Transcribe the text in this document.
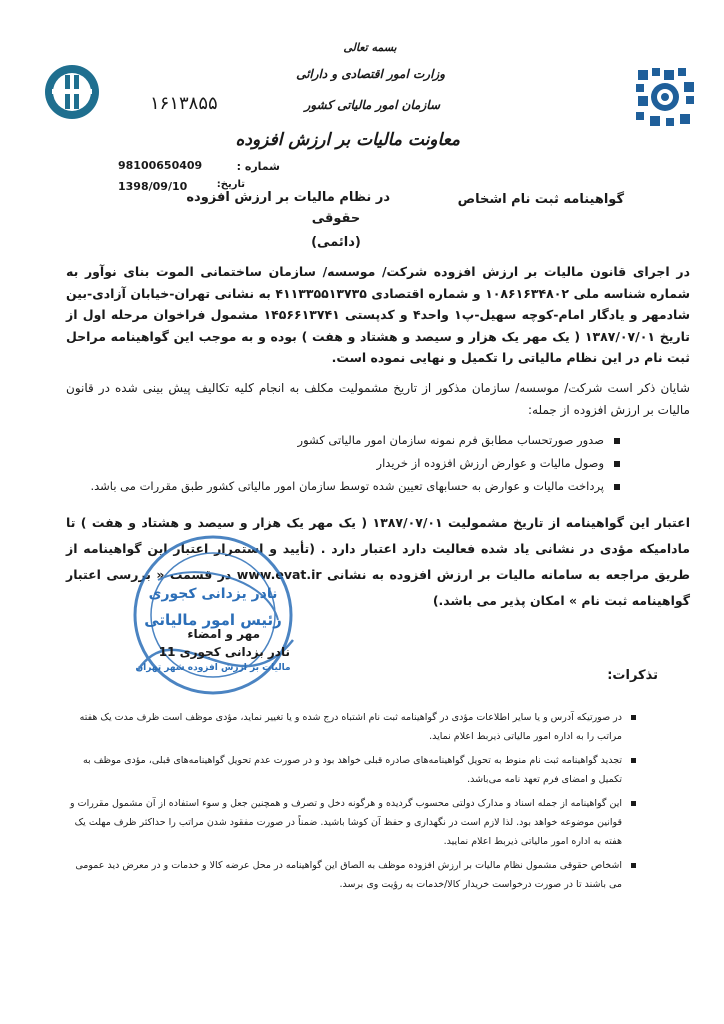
بسمه تعالی
وزارت امور اقتصادی و دارائی
سازمان امور مالیاتی کشور
معاونت مالیات بر ارزش افزوده
۱۶۱۳۸۵۵
98100650409	شماره :
1398/09/10	تاریخ:
گواهینامه ثبت نام اشخاص
در نظام مالیات بر ارزش افزوده
حقوقی
(دائمی)
در اجرای قانون مالیات بر ارزش افزوده شرکت/ موسسه/ سازمان ساختمانی الموت بنای نوآور به شماره شناسه ملی ۱۰۸۶۱۶۳۴۸۰۲ و شماره اقتصادی ۴۱۱۳۳۵۵۱۳۷۳۵ به نشانی تهران-خیابان آزادی-بین شادمهر و یادگار امام-کوچه سهیل-پ۱ واحد۴ و کدپستی ۱۴۵۶۶۱۳۷۴۱ مشمول فراخوان مرحله اول از تاریخ ۱۳۸۷/۰۷/۰۱ ( یک مهر یک هزار و سیصد و هشتاد و هفت ) بوده و به موجب این گواهینامه مراحل ثبت نام در این نظام مالیاتی را تکمیل و نهایی نموده است.
شایان ذکر است شرکت/ موسسه/ سازمان مذکور از تاریخ مشمولیت مکلف به انجام کلیه تکالیف پیش بینی شده در قانون مالیات بر ارزش افزوده از جمله:
صدور صورتحساب مطابق فرم نمونه سازمان امور مالیاتی کشور
وصول مالیات و عوارض ارزش افزوده از خریدار
پرداخت مالیات و عوارض به حسابهای تعیین شده توسط سازمان امور مالیاتی کشور طبق مقررات می باشد.
اعتبار این گواهینامه از تاریخ مشمولیت ۱۳۸۷/۰۷/۰۱ ( یک مهر یک هزار و سیصد و هشتاد و هفت ) تا مادامیکه مؤدی در نشانی یاد شده فعالیت دارد اعتبار دارد . (تأیید و استمرار اعتبار این گواهینامه از طریق مراجعه به سامانه مالیات بر ارزش افزوده به نشانی www.evat.ir در قسمت « بررسی اعتبار گواهینامه ثبت نام » امکان پذیر می باشد.)
نادر یزدانی کجوری
رئیس امور مالیاتی
مالیات بر ارزش افزوده شهر تهران
مهر و امضاء
نادر بزدانی کجوری 11
تذکرات:
در صورتیکه آدرس و یا سایر اطلاعات مؤدی در گواهینامه ثبت نام اشتباه درج شده و یا تغییر نماید، مؤدی موظف است ظرف مدت یک هفته مراتب را به اداره امور مالیاتی ذیربط اعلام نماید.
تجدید گواهینامه ثبت نام منوط به تحویل گواهینامه‌های صادره قبلی خواهد بود و در صورت عدم تحویل گواهینامه‌های قبلی، مؤدی موظف به تکمیل و امضای فرم تعهد نامه می‌باشد.
این گواهینامه از جمله اسناد و مدارک دولتی محسوب گردیده و هرگونه دخل و تصرف و همچنین جعل و سوء استفاده از آن مشمول مقررات و قوانین موضوعه خواهد بود. لذا لازم است در نگهداری و حفظ آن کوشا باشید. ضمناً در صورت مفقود شدن مراتب را حداکثر ظرف مهلت یک هفته به اداره امور مالیاتی ذیربط اعلام نمایید.
اشخاص حقوقی مشمول نظام مالیات بر ارزش افزوده موظف به الصاق این گواهینامه در محل عرضه کالا و خدمات و در معرض دید عمومی می باشند تا در صورت درخواست خریدار کالا/خدمات به رؤیت وی برسد.
